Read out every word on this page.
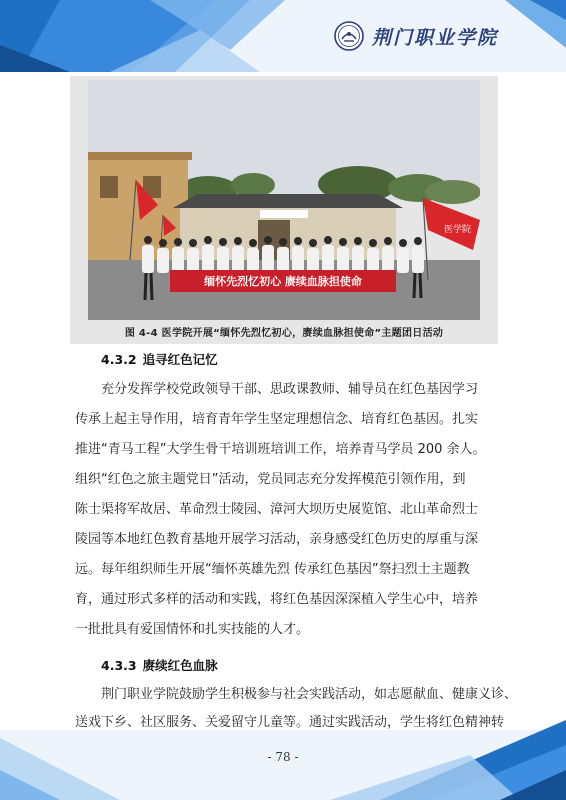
荆门职业学院
医学院
缅怀先烈忆初心 赓续血脉担使命
图 4-4 医学院开展“缅怀先烈忆初心，赓续血脉担使命”主题团日活动
4.3.2 追寻红色记忆
充分发挥学校党政领导干部、思政课教师、辅导员在红色基因学习
传承上起主导作用，培育青年学生坚定理想信念、培育红色基因。扎实
推进“青马工程”大学生骨干培训班培训工作，培养青马学员 200 余人。
组织“红色之旅主题党日”活动，党员同志充分发挥模范引领作用，到
陈士渠将军故居、革命烈士陵园、漳河大坝历史展览馆、北山革命烈士
陵园等本地红色教育基地开展学习活动，亲身感受红色历史的厚重与深
远。每年组织师生开展“缅怀英雄先烈 传承红色基因”祭扫烈士主题教
育，通过形式多样的活动和实践，将红色基因深深植入学生心中，培养
一批批具有爱国情怀和扎实技能的人才。
4.3.3 赓续红色血脉
荆门职业学院鼓励学生积极参与社会实践活动，如志愿献血、健康义诊、
送戏下乡、社区服务、关爱留守儿童等。通过实践活动，学生将红色精神转
- 78 -
